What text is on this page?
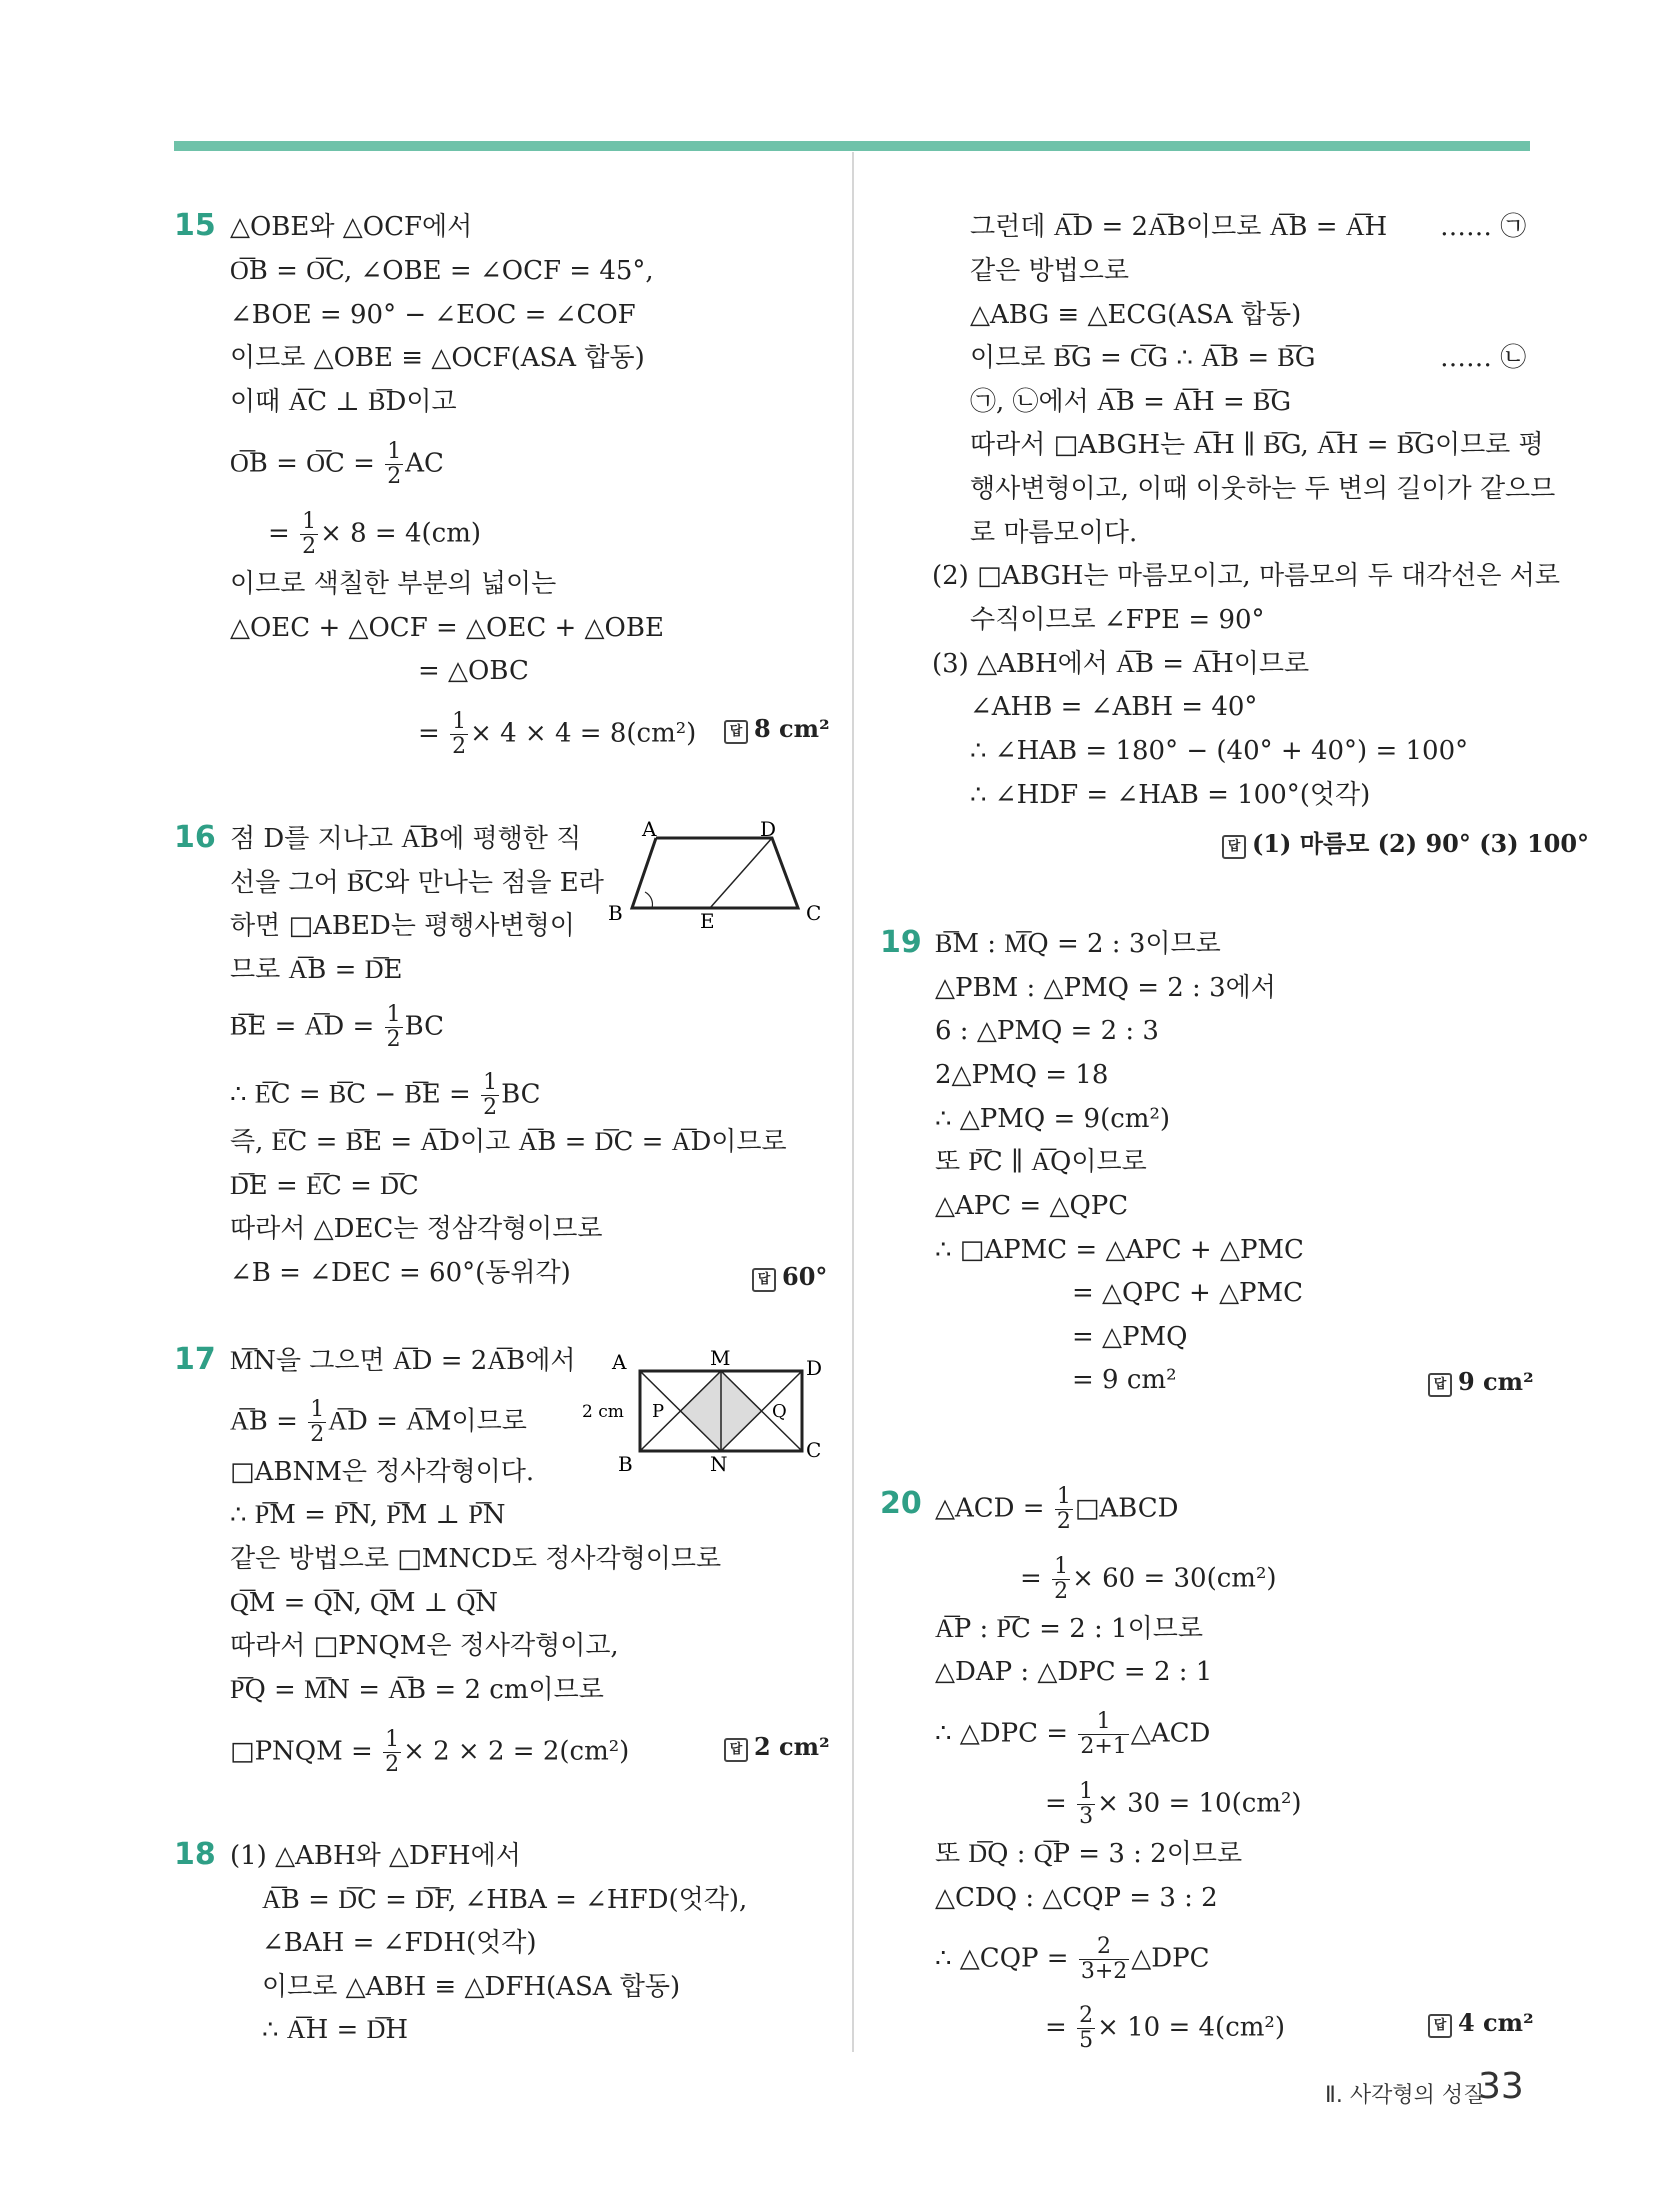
15 △OBE와 △OCF에서
O͞B = O͞C, ∠OBE = ∠OCF = 45°,
∠BOE = 90° − ∠EOC = ∠COF
이므로 △OBE ≡ △OCF(ASA 합동)
이때 A͞C ⊥ B͞D이고
O͞B = O͞C = $\frac{1}{2}$ AC
= $\frac{1}{2} \times 8 = 4(cm)$
이므로 색칠한 부분의 넓이는
△OEC + △OCF = △OEC + △OBE
= △OBC
= $\frac{1}{2} \times 4 \times 4 = 8(cm^2)$	답 8 cm²
16 점 D를 지나고 A͞B에 평행한 직
선을 그어 B͞C와 만나는 점을 E라
하면 □ABED는 평행사변형이
므로 A͞B = D͞E
B͞E = A͞D = $\frac{1}{2}$ BC
∴ E͞C = B͞C − B͞E = $\frac{1}{2}$ BC
즉, E͞C = B͞E = A͞D이고 A͞B = D͞C = A͞D이므로
D͞E = E͞C = D͞C
따라서 △DEC는 정삼각형이므로
∠B = ∠DEC = 60°(동위각)	답 60°
A	D
B	E	C
17 M͞N을 그으면 A͞D = 2A͞B에서
A͞B = $\frac{1}{2}$ A͞D = A͞M이므로
□ABNM은 정사각형이다.
∴ P͞M = P͞N, P͞M ⊥ P͞N
같은 방법으로 □MNCD도 정사각형이므로
Q͞M = Q͞N, Q͞M ⊥ Q͞N
따라서 □PNQM은 정사각형이고,
P͞Q = M͞N = A͞B = 2 cm이므로
□PNQM = $\frac{1}{2} \times 2 \times 2 = 2(cm^2)$	답 2 cm²
A	M	D
B	N
C
P	Q
2 cm
18 (1) △ABH와 △DFH에서
A͞B = D͞C = D͞F, ∠HBA = ∠HFD(엇각),
∠BAH = ∠FDH(엇각)
이므로 △ABH ≡ △DFH(ASA 합동)
∴ A͞H = D͞H
그런데 A͞D = 2A͞B이므로 A͞B = A͞H …… ㉠
같은 방법으로
△ABG ≡ △ECG(ASA 합동)
이므로 B͞G = C͞G ∴ A͞B = B͞G	…… ㉡
㉠, ㉡에서 A͞B = A͞H = B͞G
따라서 □ABGH는 A͞H ∥ B͞G, A͞H = B͞G이므로 평
행사변형이고, 이때 이웃하는 두 변의 길이가 같으므
로 마름모이다.
(2) □ABGH는 마름모이고, 마름모의 두 대각선은 서로
수직이므로 ∠FPE = 90°
(3) △ABH에서 A͞B = A͞H이므로
∠AHB = ∠ABH = 40°
∴ ∠HAB = 180° − (40° + 40°) = 100°
∴ ∠HDF = ∠HAB = 100°(엇각)
답 (1) 마름모 (2) 90° (3) 100°
19 B͞M : M͞Q = 2 : 3이므로
△PBM : △PMQ = 2 : 3에서
6 : △PMQ = 2 : 3
2△PMQ = 18
∴ △PMQ = 9(cm²)
또 P͞C ∥ A͞Q이므로
△APC = △QPC
∴ □APMC = △APC + △PMC
= △QPC + △PMC
= △PMQ
= 9 cm²	답 9 cm²
20 △ACD = $\frac{1}{2}$ □ABCD
= $\frac{1}{2} \times 60 = 30(cm^2)$
A͞P : P͞C = 2 : 1이므로
△DAP : △DPC = 2 : 1
∴ △DPC = $\frac{1}{2+1}$ △ACD
= $\frac{1}{3} \times 30 = 10(cm^2)$
또 D͞Q : Q͞P = 3 : 2이므로
△CDQ : △CQP = 3 : 2
∴ △CQP = $\frac{2}{3+2}$ △DPC
= $\frac{2}{5} \times 10 = 4(cm^2)$	답 4 cm²
Ⅱ. 사각형의 성질
33
